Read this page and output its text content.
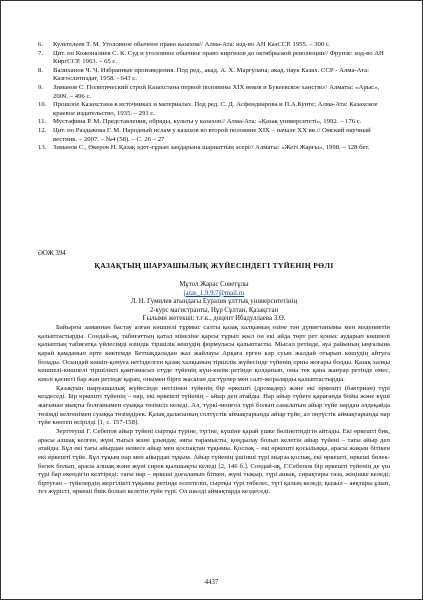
6.	Культелеев Т. М. Уголовное обычное право казахов// Алма-Ата: изд-во АН КазССР. 1955. – 300 с.
7.	Цит. по Кожоналиев С. К. Суд и уголовное обычное право киргизов до октябрьской революции// Фрунзе: изд-во АН КиргССР. 1963. – 65 с.
8.	Валиханов Ч. Ч. Избранные произведения. Под ред., акад. А. Х. Маргулана; акад. наук Казах. ССР - Алма-Ата: Казгослитиздат, 1958. - 643 с.
9.	Зиманов С. Политический строй Казахстана первой половины XIX веков и Букеевское ханство// Алматы: «Арыс», 2009. – 496 с.
10. Прошлое Казахстана в источниках и материалах. Под ред. С. Д. Асфендиарова и П.А.Кунте; Алма-Ата: Казахское краевое издательство, 1935. – 291 с.
11.	Мустафина Р. М. Представления, обряды, культы у казахов// Алма-Ата: «Қазақ университеті», 1992. – 176 с.
12. Цит. по Раздыкова Г. М. Народный ислам у казахов во второй половине XIX – начале XX вв.// Омский научный вестник. – 2007. – №4 (58). – С. 26 – 27
13. Зиманов С., Өкеров Н. Қазақ әдет-ғұрып заңдарына шариаттың әсері// Алматы: «Жеті Жарғы», 1998. – 128 бет.
ӘОЖ 394
ҚАЗАҚТЫҢ ШАРУАШЫЛЫҚ ЖҮЙЕСІНДЕГІ ТҮЙЕНІҢ РӨЛІ
Мұтол Жарас Советұлы
jaras_1.9.9.7@mail.ru
Л. Н. Гумилев атындағы Еуразия ұлттық университетінің
2-курс магистранты, Нұр Сұлтан, Қазақстан
Ғылыми жетекші: т.ғ.к., доцент Ибадуллаева З.Ө.

Байырғы заманнан бастау алған көшпелі тұрмыс салты қазақ халқының өзіне тән дүниетанымы мен мәдениетін қалыптастырды. Сондай-ақ, табиғаттың қатал мінезіне қарсы тұрып жыл он екі айда төрт рет қоныс аударып көшпелі қалыптың табиғатқа үйлесімді өзіндік тіршілік кешудің формуласы қалыптасты. Мысал ретінде, ауа райының ыңғалына қарай қамданып өрте көктемде Бетпақдаладан жаз жайлауы Арқаға ерген кәр суын жалдай отырып көшудің айтуға болады. Осындай көшіп-қонуға негізделген қазақ халқының тіршілік жүйесінде түйенің орны жоғары болды. Қазақ халқы көшпелі-көшпелі тіршілікті қамтамасыз етуде түйенің күш-көлік ретінде қолданып, оны тек қана жануар ретінде емес, киелі қасиеті бар жан ретінде қарап, онымен бірге жасаған дәстүрлер мен салт-жораларды қалыптастырды.

Қазақтың шаруашылық жүйесінде негізінен түйенің бір өркешті (дромадер) және екі өркешті (бактриан) түрі кездеседі. Бір өркешті түйенің – нар, екі өркешті түйенің – айыр деп атайды. Нар айыр түйеге қарағанда бойы және күші жағынан мықты болғанымен суыққа төзімсіз келеді. Ал, түркі-монғол тұрі болып саналатын айыр түйе нардан әлдеқайда төзімді келгенімен суыққа төзімдірек. Қазақ даласының солтүстік аймақтарында айыр түйе, ал оңтүстік аймақтарында нар түйе көптеп өсірілді [1, с. 157-158].

Зерттеуші Г. Себепов айыр түйені сыртқы түріне, түгіне, күшіне қарай үшке бөлінетіндігін айтады. Екі өркешті бик, арасы алшақ келген, жүні тығыз және ұзындау, аяғы тарамысты, қоңдылау болып келетін айыр түйені – тағы айыр деп атайды. Бұл екі тағы айырдан немесе айыр мен қоспақтан тұқымы. Қоспақ – екі өркешті қосылыққа, арасы жақын бітікен екі өркешті түйе. Бұл тұқым нар мен айырдан тұқым. Айыр түйенің ұшінші түрі мырза қоспақ, екі өркешті, өркеші бөлек-бөлек болып, арасы алшақ және жүні сирек қылшықты келеді [2, 146 б.]. Сондай-ақ, Г.Себепов бір өркешті түйенің де үш түрі бар екендігін келтіреді: тағы нар – өркеші доғаланып біткен, жүні тықыр, түрі ашық, сирақтары таза, жіңішке келеді; біртуған – түйелердің жергілікті тұқымы ретінде есептеліп, сыртқы түрі төбелес, түгі қалың келеді; қызыл – аяқтары ұзын, тез жүрісті, өркеші биік болып келетін түйе түрі. Ол шөлді аймақтарда кездеседі.

4437
